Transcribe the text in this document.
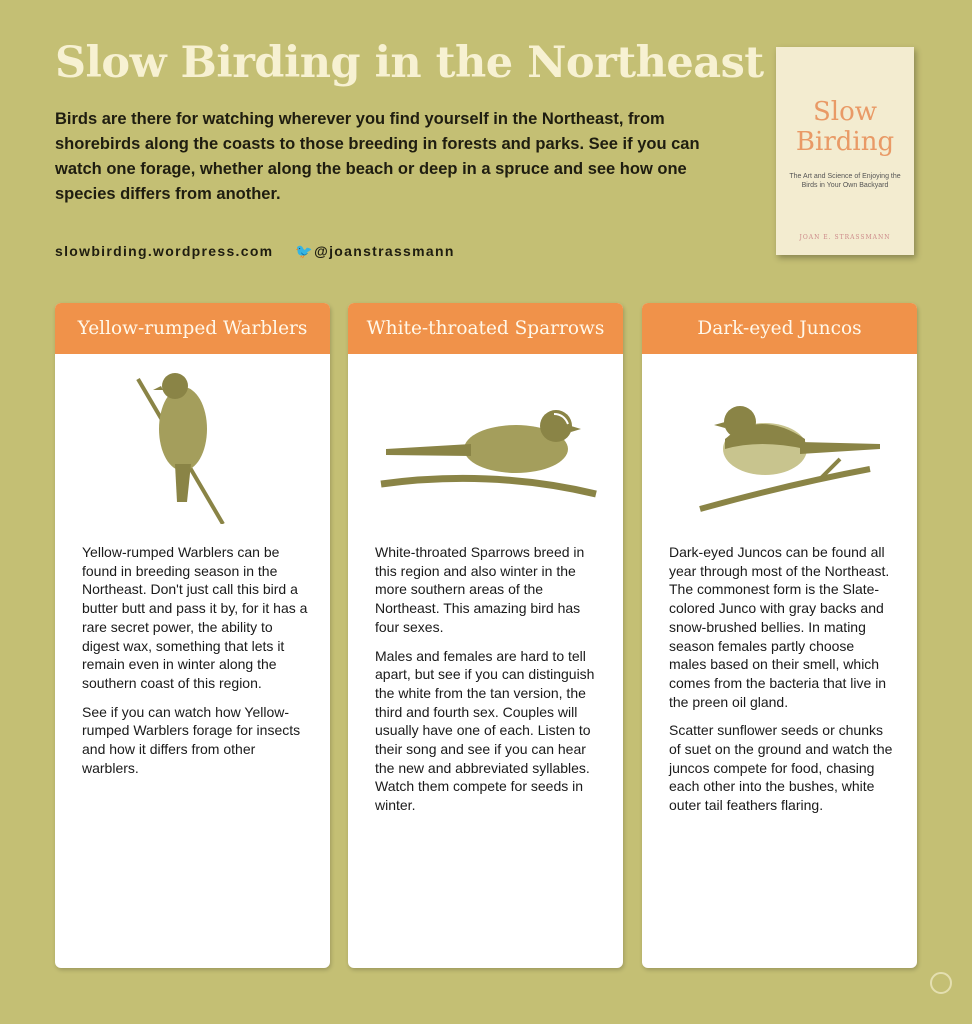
Slow Birding in the Northeast
Birds are there for watching wherever you find yourself in the Northeast, from shorebirds along the coasts to those breeding in forests and parks. See if you can watch one forage, whether along the beach or deep in a spruce and see how one species differs from another.
slowbirding.wordpress.com 🐦@joanstrassmann
Slow Birding
The Art and Science of Enjoying the Birds in Your Own Backyard
JOAN E. STRASSMANN
Yellow-rumped Warblers

Yellow-rumped Warblers can be found in breeding season in the Northeast. Don't just call this bird a butter butt and pass it by, for it has a rare secret power, the ability to digest wax, something that lets it remain even in winter along the southern coast of this region.

See if you can watch how Yellow-rumped Warblers forage for insects and how it differs from other warblers.

White-throated Sparrows

White-throated Sparrows breed in this region and also winter in the more southern areas of the Northeast. This amazing bird has four sexes.

Males and females are hard to tell apart, but see if you can distinguish the white from the tan version, the third and fourth sex. Couples will usually have one of each. Listen to their song and see if you can hear the new and abbreviated syllables. Watch them compete for seeds in winter.

Dark-eyed Juncos

Dark-eyed Juncos can be found all year through most of the Northeast. The commonest form is the Slate-colored Junco with gray backs and snow-brushed bellies. In mating season females partly choose males based on their smell, which comes from the bacteria that live in the preen oil gland.

Scatter sunflower seeds or chunks of suet on the ground and watch the juncos compete for food, chasing each other into the bushes, white outer tail feathers flaring.
